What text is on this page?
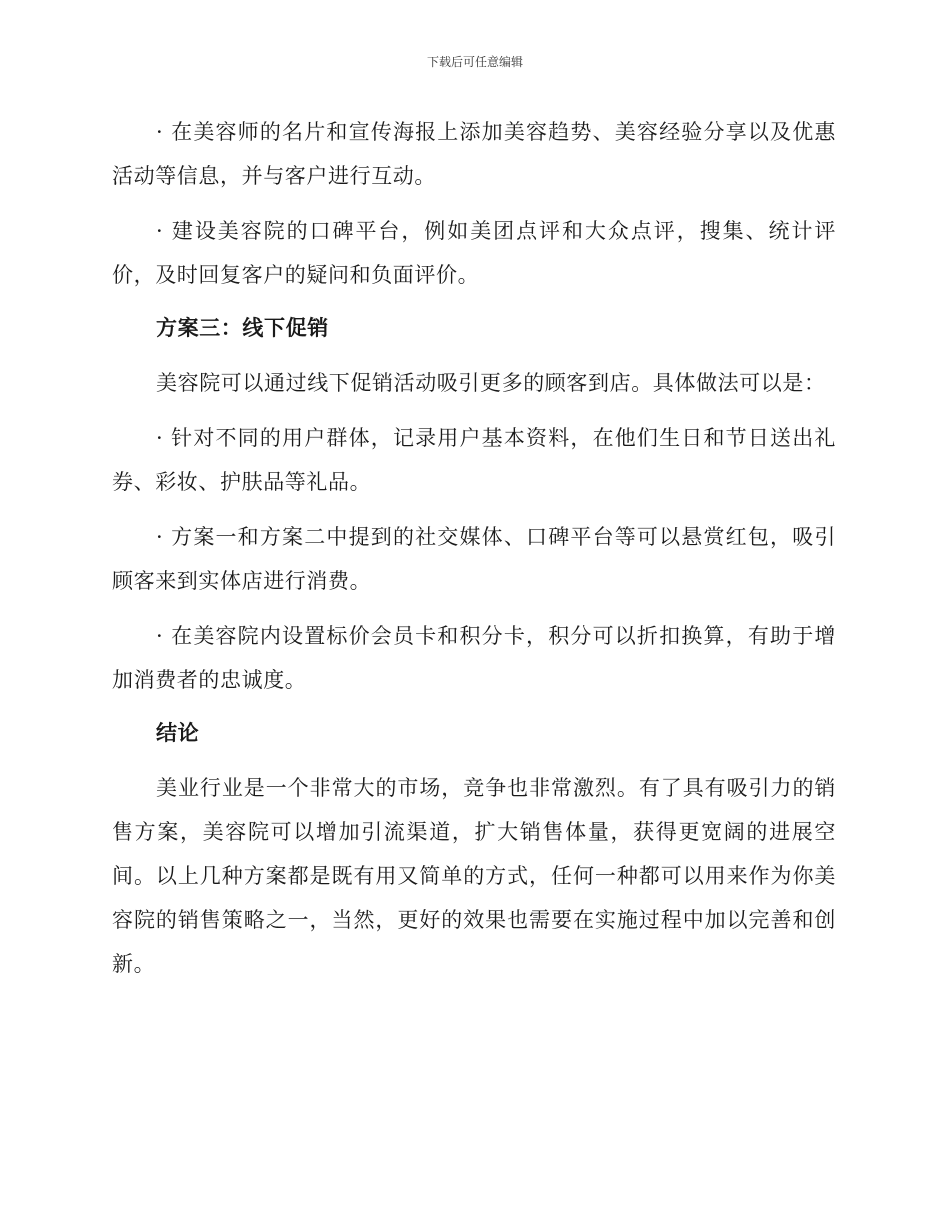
下载后可任意编辑

· 在美容师的名片和宣传海报上添加美容趋势、美容经验分享以及优惠活动等信息，并与客户进行互动。

· 建设美容院的口碑平台，例如美团点评和大众点评，搜集、统计评价，及时回复客户的疑问和负面评价。

方案三：线下促销

美容院可以通过线下促销活动吸引更多的顾客到店。具体做法可以是：

· 针对不同的用户群体，记录用户基本资料，在他们生日和节日送出礼券、彩妆、护肤品等礼品。

· 方案一和方案二中提到的社交媒体、口碑平台等可以悬赏红包，吸引顾客来到实体店进行消费。

· 在美容院内设置标价会员卡和积分卡，积分可以折扣换算，有助于增加消费者的忠诚度。

结论

美业行业是一个非常大的市场，竞争也非常激烈。有了具有吸引力的销售方案，美容院可以增加引流渠道，扩大销售体量，获得更宽阔的进展空间。以上几种方案都是既有用又简单的方式，任何一种都可以用来作为你美容院的销售策略之一，当然，更好的效果也需要在实施过程中加以完善和创新。
